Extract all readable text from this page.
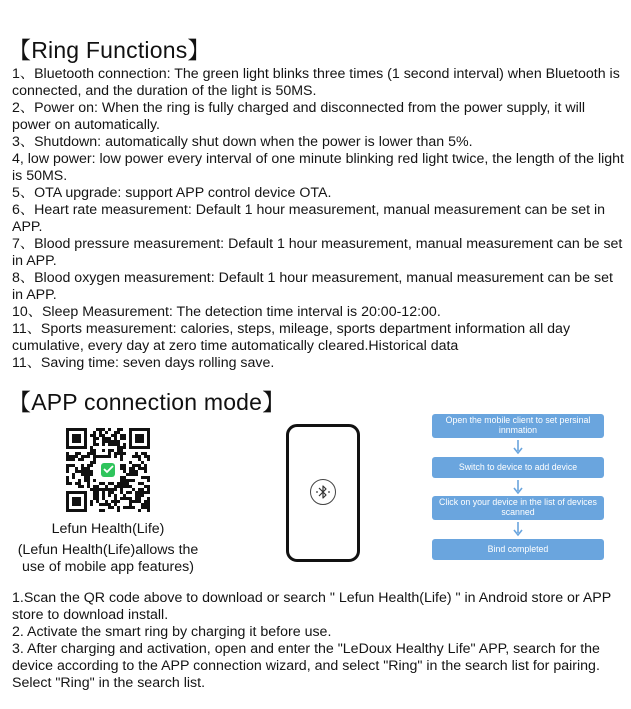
【Ring Functions】

1、Bluetooth connection: The green light blinks three times (1 second interval) when Bluetooth is connected, and the duration of the light is 50MS.

2、Power on: When the ring is fully charged and disconnected from the power supply, it will power on automatically.

3、Shutdown: automatically shut down when the power is lower than 5%.

4, low power: low power every interval of one minute blinking red light twice, the length of the light is 50MS.

5、OTA upgrade: support APP control device OTA.

6、Heart rate measurement: Default 1 hour measurement, manual measurement can be set in APP.

7、Blood pressure measurement: Default 1 hour measurement, manual measurement can be set in APP.

8、Blood oxygen measurement: Default 1 hour measurement, manual measurement can be set in APP.

10、Sleep Measurement: The detection time interval is 20:00-12:00.

11、Sports measurement: calories, steps, mileage, sports department information all day cumulative, every day at zero time automatically cleared.Historical data

11、Saving time: seven days rolling save.

【APP connection mode】
Lefun Health(Life)
(Lefun Health(Life)allows the use of mobile app features)
Open the mobile client to set persinal innmation
Switch to device to add device
Click on your device in the list of devices scanned
Bind completed

1.Scan the QR code above to download or search " Lefun Health(Life) " in Android store or APP store to download install.

2. Activate the smart ring by charging it before use.

3. After charging and activation, open and enter the "LeDoux Healthy Life" APP, search for the device according to the APP connection wizard, and select "Ring" in the search list for pairing. Select "Ring" in the search list.
